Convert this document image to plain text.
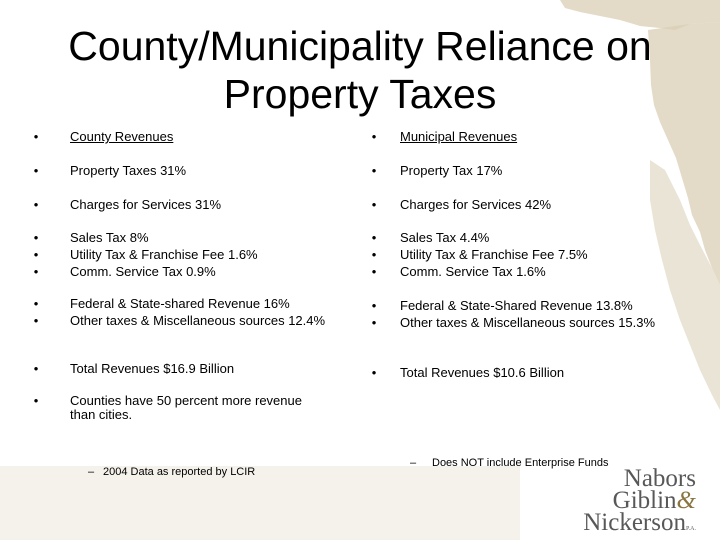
County/Municipality Reliance on
Property Taxes
• County Revenues
• Property Taxes 31%
• Charges for Services 31%
•
•
•
Sales Tax 8%
Utility Tax & Franchise Fee 1.6%
Comm. Service Tax 0.9%
•
•
Federal & State-shared Revenue 16%
Other taxes & Miscellaneous sources 12.4%
• Total Revenues $16.9 Billion
• Counties have 50 percent more revenue
than cities.
– 2004 Data as reported by LCIR
• Municipal Revenues
• Property Tax 17%
• Charges for Services 42%
•
•
•
Sales Tax 4.4%
Utility Tax & Franchise Fee 7.5%
Comm. Service Tax 1.6%
•
•
Federal & State-Shared Revenue 13.8%
Other taxes & Miscellaneous sources 15.3%
• Total Revenues $10.6 Billion
– Does NOT include Enterprise Funds
Nabors
Giblin&
NickersonP.A.
